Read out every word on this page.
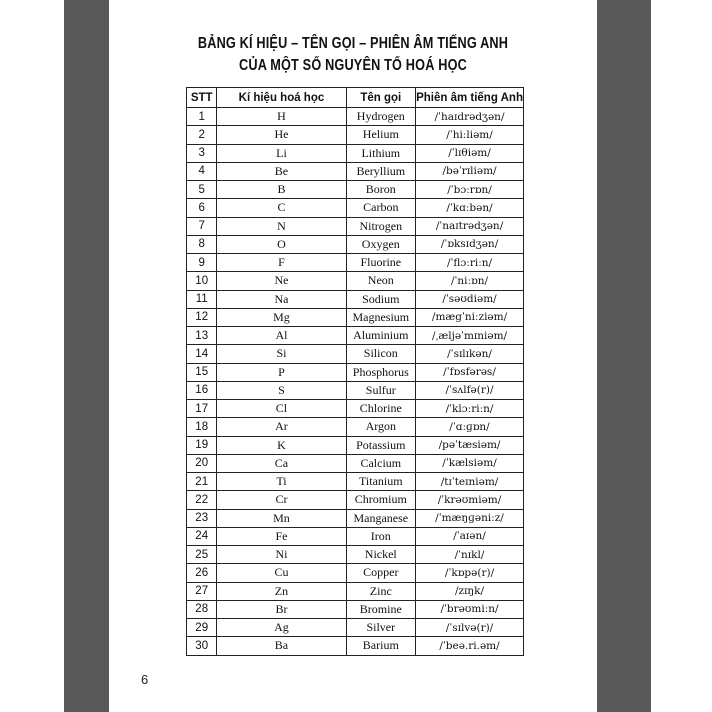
BẢNG KÍ HIỆU – TÊN GỌI – PHIÊN ÂM TIẾNG ANH
CỦA MỘT SỐ NGUYÊN TỐ HOÁ HỌC
STT	Kí hiệu hoá học	Tên gọi	Phiên âm tiếng Anh
1	H	Hydrogen	/ˈhaɪdrədʒən/
2	He	Helium	/ˈhiːliəm/
3	Li	Lithium	/ˈlɪθiəm/
4	Be	Beryllium	/bəˈrɪliəm/
5	B	Boron	/ˈbɔːrɒn/
6	C	Carbon	/ˈkɑːbən/
7	N	Nitrogen	/ˈnaɪtrədʒən/
8	O	Oxygen	/ˈɒksɪdʒən/
9	F	Fluorine	/ˈflɔːriːn/
10	Ne	Neon	/ˈniːɒn/
11	Na	Sodium	/ˈsəʊdiəm/
12	Mg	Magnesium	/mægˈniːziəm/
13	Al	Aluminium	/ˌæljəˈmɪniəm/
14	Si	Silicon	/ˈsɪlɪkən/
15	P	Phosphorus	/ˈfɒsfərəs/
16	S	Sulfur	/ˈsʌlfə(r)/
17	Cl	Chlorine	/ˈklɔːriːn/
18	Ar	Argon	/ˈɑːɡɒn/
19	K	Potassium	/pəˈtæsiəm/
20	Ca	Calcium	/ˈkælsiəm/
21	Ti	Titanium	/tɪˈteɪniəm/
22	Cr	Chromium	/ˈkrəʊmiəm/
23	Mn	Manganese	/ˈmæŋɡəniːz/
24	Fe	Iron	/ˈaɪən/
25	Ni	Nickel	/ˈnɪkl/
26	Cu	Copper	/ˈkɒpə(r)/
27	Zn	Zinc	/zɪŋk/
28	Br	Bromine	/ˈbrəʊmiːn/
29	Ag	Silver	/ˈsɪlvə(r)/
30	Ba	Barium	/ˈbeə.ri.əm/
6
